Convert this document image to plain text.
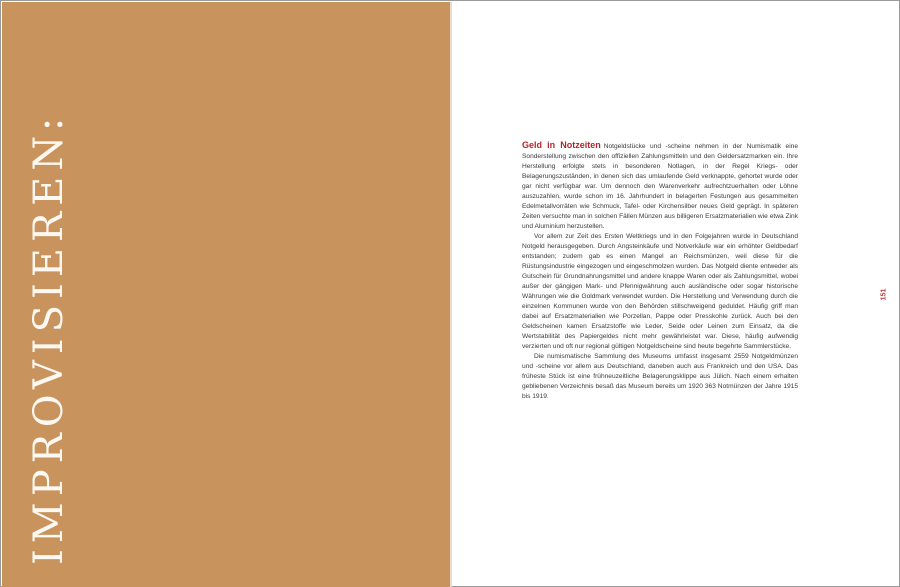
IMPROVISIEREN:	Geld in Notzeiten Notgeldstücke und -scheine nehmen in der Numismatik eine Sonderstellung zwischen den offiziellen Zahlungsmitteln und den Geldersatzmarken ein. Ihre Herstellung erfolgte stets in besonderen Notlagen, in der Regel Kriegs- oder Belagerungszuständen, in denen sich das umlaufende Geld verknappte, gehortet wurde oder gar nicht verfügbar war. Um dennoch den Warenverkehr aufrechtzuerhalten oder Löhne auszuzahlen, wurde schon im 16. Jahrhundert in belagerten Festungen aus gesammelten Edelmetallvorräten wie Schmuck, Tafel- oder Kirchensilber neues Geld geprägt. In späteren Zeiten versuchte man in solchen Fällen Münzen aus billigeren Ersatzmaterialien wie etwa Zink und Aluminium herzustellen.

Vor allem zur Zeit des Ersten Weltkriegs und in den Folgejahren wurde in Deutschland Notgeld herausgegeben. Durch Angsteinkäufe und Notverkäufe war ein erhöhter Geldbedarf entstanden; zudem gab es einen Mangel an Reichsmünzen, weil diese für die Rüstungsindustrie eingezogen und eingeschmolzen wurden. Das Notgeld diente entweder als Gutschein für Grundnahrungsmittel und andere knappe Waren oder als Zahlungsmittel, wobei außer der gängigen Mark- und Pfennigwährung auch ausländische oder sogar historische Währungen wie die Goldmark verwendet wurden. Die Herstellung und Verwendung durch die einzelnen Kommunen wurde von den Behörden stillschweigend geduldet. Häufig griff man dabei auf Ersatzmaterialien wie Porzellan, Pappe oder Presskohle zurück. Auch bei den Geldscheinen kamen Ersatzstoffe wie Leder, Seide oder Leinen zum Einsatz, da die Wertstabilität des Papiergeldes nicht mehr gewährleistet war. Diese, häufig aufwendig verzierten und oft nur regional gültigen Notgeldscheine sind heute begehrte Sammlerstücke.

Die numismatische Sammlung des Museums umfasst insgesamt 2559 Notgeldmünzen und -scheine vor allem aus Deutschland, daneben auch aus Frankreich und den USA. Das früheste Stück ist eine frühneuzeitliche Belagerungsklippe aus Jülich. Nach einem erhalten gebliebenen Verzeichnis besaß das Museum bereits um 1920 363 Notmünzen der Jahre 1915 bis 1919.

151
